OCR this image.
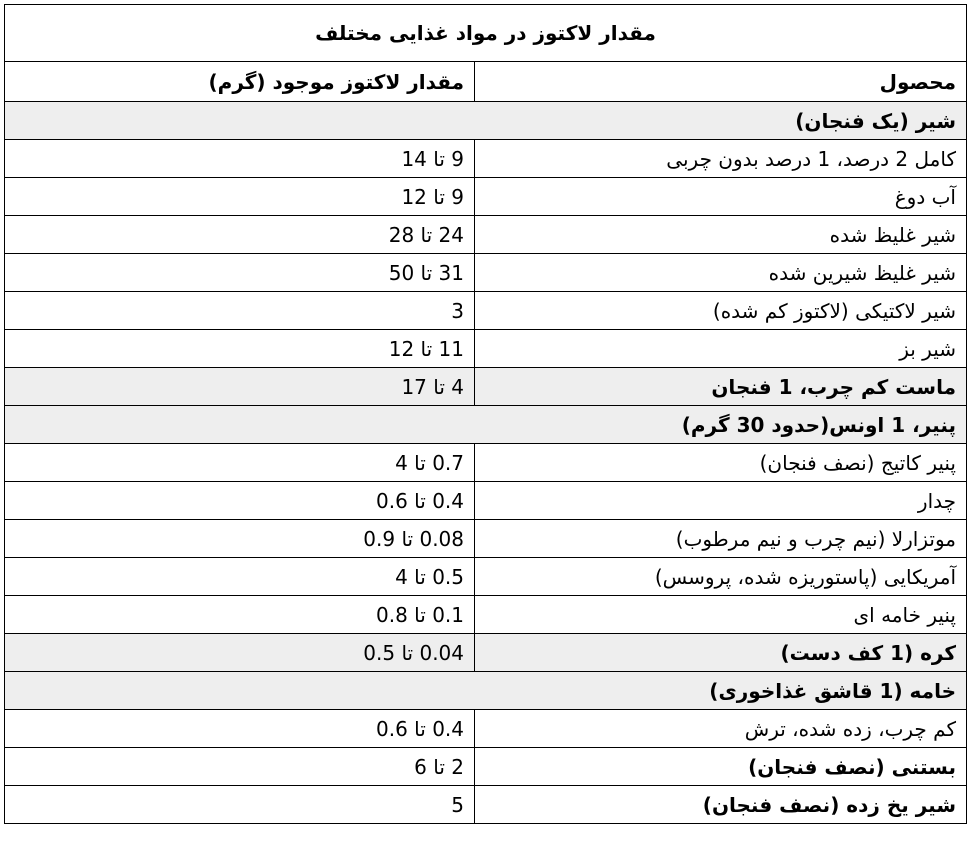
مقدار لاکتوز در مواد غذایی مختلف	
محصول	مقدار لاکتوز موجود (گرم)
شیر (یک فنجان)	
کامل 2 درصد، 1 درصد بدون چربی	9 تا 14
آب دوغ	9 تا 12
شیر غلیظ شده	24 تا 28
شیر غلیظ شیرین شده	31 تا 50
شیر لاکتیکی (لاکتوز کم شده)	3
شیر بز	11 تا 12
ماست کم چرب، 1 فنجان	4 تا 17
پنیر، 1 اونس(حدود 30 گرم)	
پنیر کاتیج (نصف فنجان)	0.7 تا 4
چدار	0.4 تا 0.6
موتزارلا (نیم چرب و نیم مرطوب)	0.08 تا 0.9
آمریکایی (پاستوریزه شده، پروسس)	0.5 تا 4
پنیر خامه ای	0.1 تا 0.8
کره (1 کف دست)	0.04 تا 0.5
خامه (1 قاشق غذاخوری)	
کم چرب، زده شده، ترش	0.4 تا 0.6
بستنی (نصف فنجان)	2 تا 6
شیر یخ زده (نصف فنجان)	5
